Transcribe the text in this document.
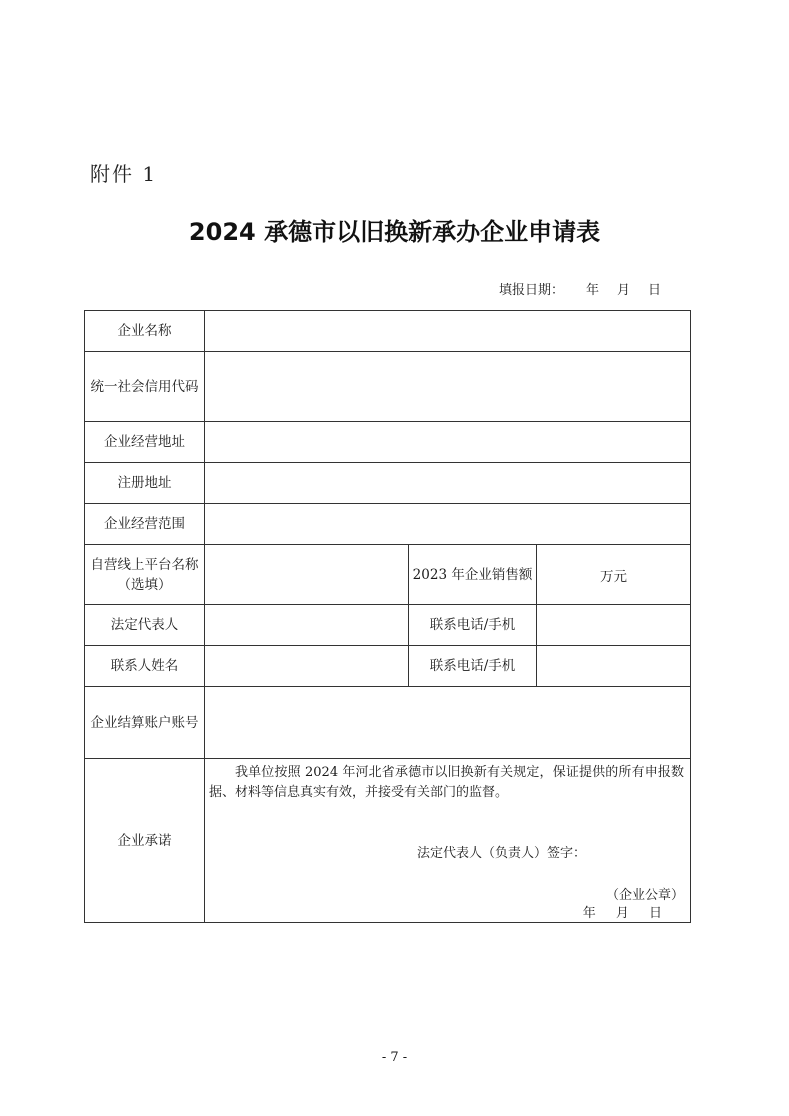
附件 1
2024 承德市以旧换新承办企业申请表
填报日期： 年 月 日
企业名称			
统一社会信用代码			
企业经营地址			
注册地址			
企业经营范围			

自营线上平台名称
（选填）		2023 年企业销售额	万元
法定代表人		联系电话/手机	
联系人姓名		联系电话/手机	
企业结算账户账号			
企业承诺	我单位按照 2024 年河北省承德市以旧换新有关规定，保证提供的所有申报数据、材料等信息真实有效，并接受有关部门的监督。
法定代表人（负责人）签字：
（企业公章）
年 月 日		
- 7 -
